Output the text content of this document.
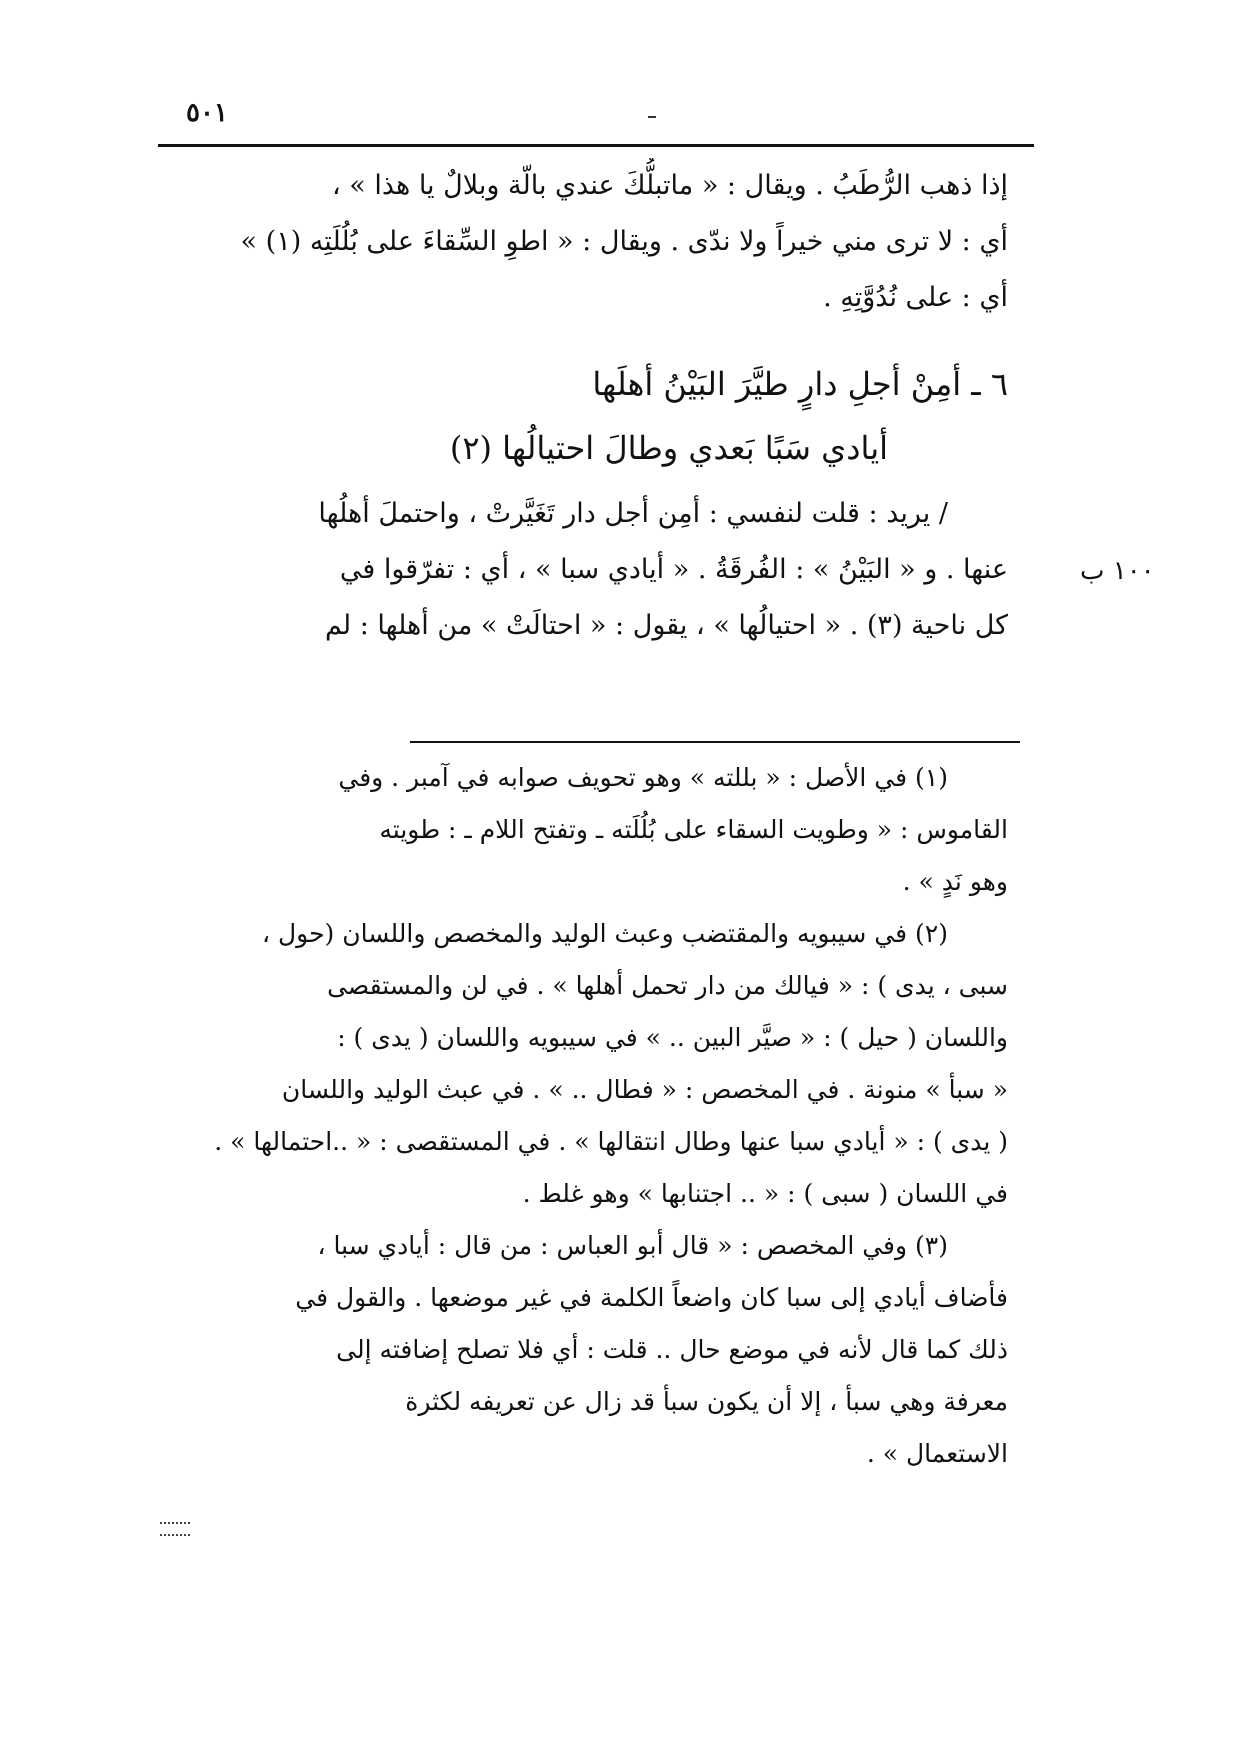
٥٠١
إذا ذهب الرُّطَبُ . ويقال : « ماتبلُّكَ عندي بالّة وبلالٌ يا هذا » ،
أي : لا ترى مني خيراً ولا ندّى . ويقال : « اطوِ السِّقاءَ على بُلُلَتِه (١) »
أي : على نُدُوَّتِهِ .
٦ ـ أمِنْ أجلِ دارٍ طيَّرَ البَيْنُ أهلَها
أيادي سَبًا بَعدي وطالَ احتيالُها (٢)
١٠٠ ب
/ يريد : قلت لنفسي : أمِن أجل دار تَغَيَّرتْ ، واحتملَ أهلُها
عنها . و « البَيْنُ » : الفُرقَةُ . « أيادي سبا » ، أي : تفرّقوا في
كل ناحية (٣) . « احتيالُها » ، يقول : « احتالَتْ » من أهلها : لم
(١) في الأصل : « بللته » وهو تحويف صوابه في آمبر . وفي
القاموس : « وطويت السقاء على بُلُلَته ـ وتفتح اللام ـ : طويته
وهو نَدٍ » .
(٢) في سيبويه والمقتضب وعبث الوليد والمخصص واللسان (حول ،
سبى ، يدى ) : « فيالك من دار تحمل أهلها » . في لن والمستقصى
واللسان ( حيل ) : « صيَّر البين .. » في سيبويه واللسان ( يدى ) :
« سبأ » منونة . في المخصص : « فطال .. » . في عبث الوليد واللسان
( يدى ) : « أيادي سبا عنها وطال انتقالها » . في المستقصى : « ..احتمالها » .
في اللسان ( سبى ) : « .. اجتنابها » وهو غلط .
(٣) وفي المخصص : « قال أبو العباس : من قال : أيادي سبا ،
فأضاف أيادي إلى سبا كان واضعاً الكلمة في غير موضعها . والقول في
ذلك كما قال لأنه في موضع حال .. قلت : أي فلا تصلح إضافته إلى
معرفة وهي سبأ ، إلا أن يكون سبأ قد زال عن تعريفه لكثرة
الاستعمال » .
